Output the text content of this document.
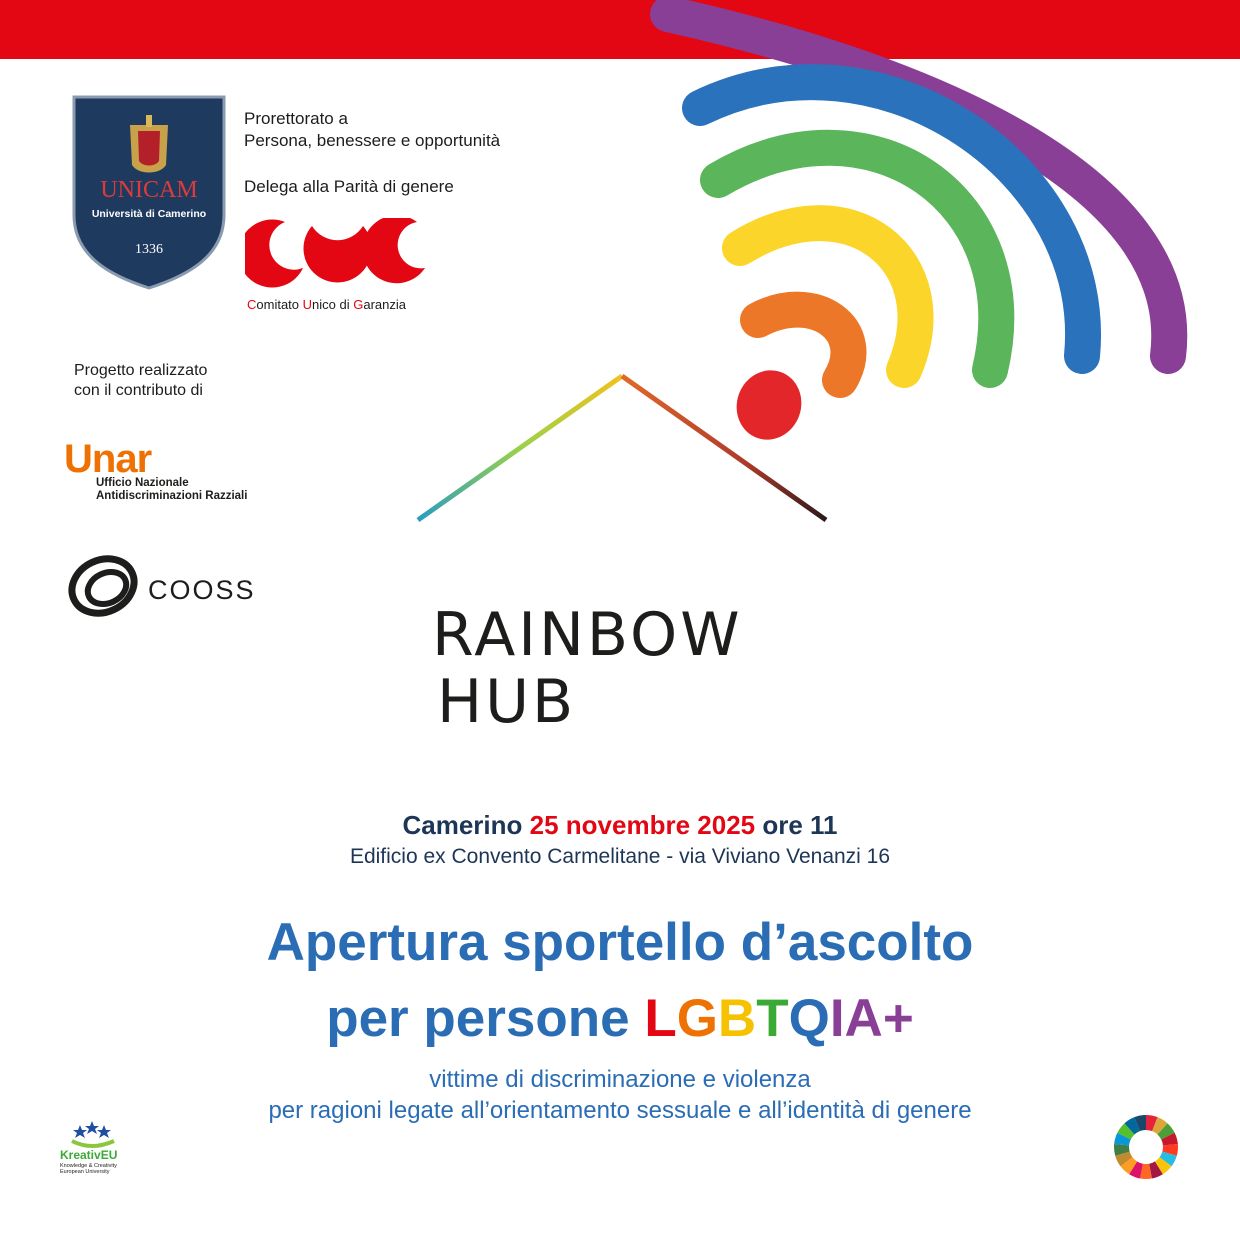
UNICAM
Università di Camerino
1336
Prorettorato a
Persona, benessere e opportunità
Delega alla Parità di genere
Comitato Unico di Garanzia
Progetto realizzato
con il contributo di
Unar
Ufficio Nazionale
Antidiscriminazioni Razziali
COOSS
RAINBOW
HUB
Camerino 25 novembre 2025 ore 11
Edificio ex Convento Carmelitane - via Viviano Venanzi 16
Apertura sportello d’ascolto
per persone LGBTQIA+
vittime di discriminazione e violenza
per ragioni legate all’orientamento sessuale e all’identità di genere
KreativEU
Knowledge & Creativity
European University
